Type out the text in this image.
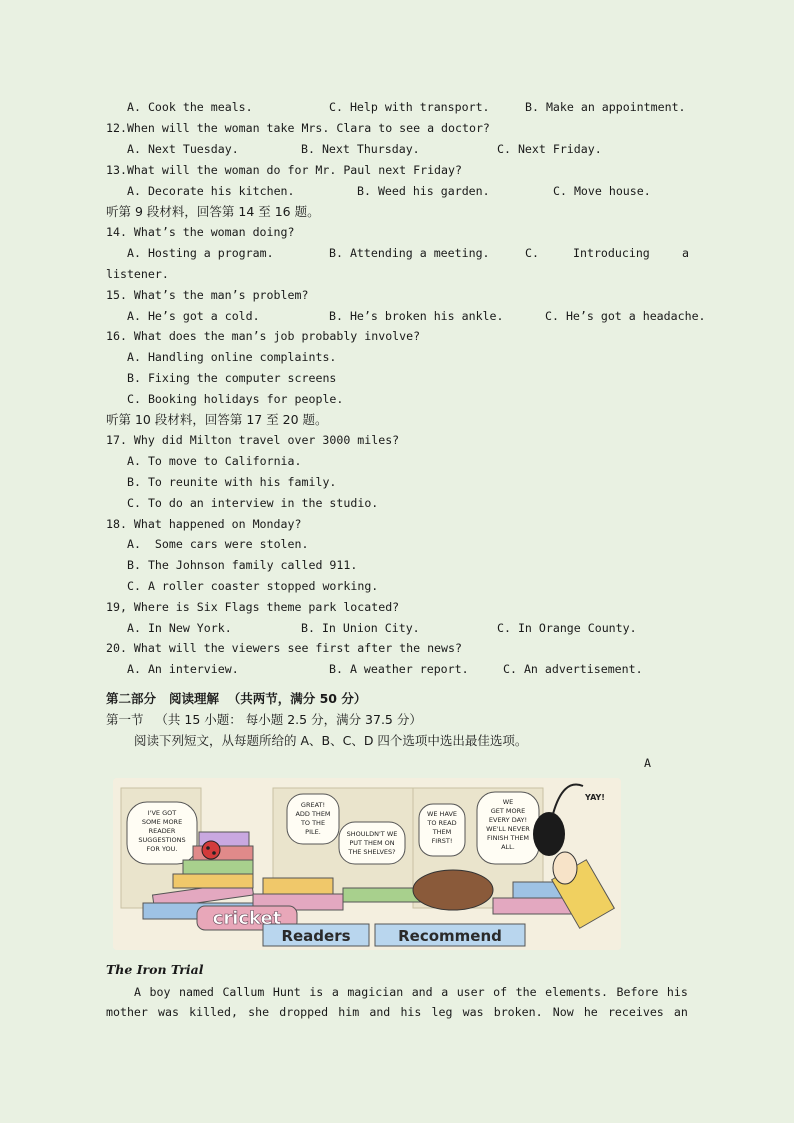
A. Cook the meals.	C. Help with transport.	B. Make an appointment.
12.When will the woman take Mrs. Clara to see a doctor?
A. Next Tuesday.	B. Next Thursday.	C. Next Friday.
13.What will the woman do for Mr. Paul next Friday?
A. Decorate his kitchen.	B. Weed his garden.	C. Move house.
听第 9 段材料，回答第 14 至 16 题。
14. What’s the woman doing?
A. Hosting a program.	B. Attending a meeting.	C.	Introducing	a
listener.
15. What’s the man’s problem?
A. He’s got a cold.	B. He’s broken his ankle.	C. He’s got a headache.
16. What does the man’s job probably involve?
A. Handling online complaints.
B. Fixing the computer screens
C. Booking holidays for people.
听第 10 段材料，回答第 17 至 20 题。
17. Why did Milton travel over 3000 miles?
A. To move to California.
B. To reunite with his family.
C. To do an interview in the studio.
18. What happened on Monday?
A.  Some cars were stolen.
B. The Johnson family called 911.
C. A roller coaster stopped working.
19, Where is Six Flags theme park located?
A. In New York.	B. In Union City.	C. In Orange County.
20. What will the viewers see first after the news?
A. An interview.	B. A weather report.	C. An advertisement.
第二部分   阅读理解  （共两节，满分 50 分）
第一节   （共 15 小题： 每小题 2.5 分，满分 37.5 分）
阅读下列短文，从每题所给的 A、B、C、D 四个选项中选出最佳选项。
A
I'VE GOT
SOME MORE
READER
SUGGESTIONS
FOR YOU.
GREAT!
ADD THEM
TO THE
PILE.	SHOULDN'T WE
PUT THEM ON
THE SHELVES?
WE HAVE
TO READ
THEM
FIRST!
WE
GET MORE
EVERY DAY!
WE'LL NEVER
FINISH THEM
ALL.
YAY!
cricket
Readers	Recommend
The Iron Trial
A boy named Callum Hunt is a magician and a user of the elements. Before his
mother was killed, she dropped him and his leg was broken. Now he receives an
